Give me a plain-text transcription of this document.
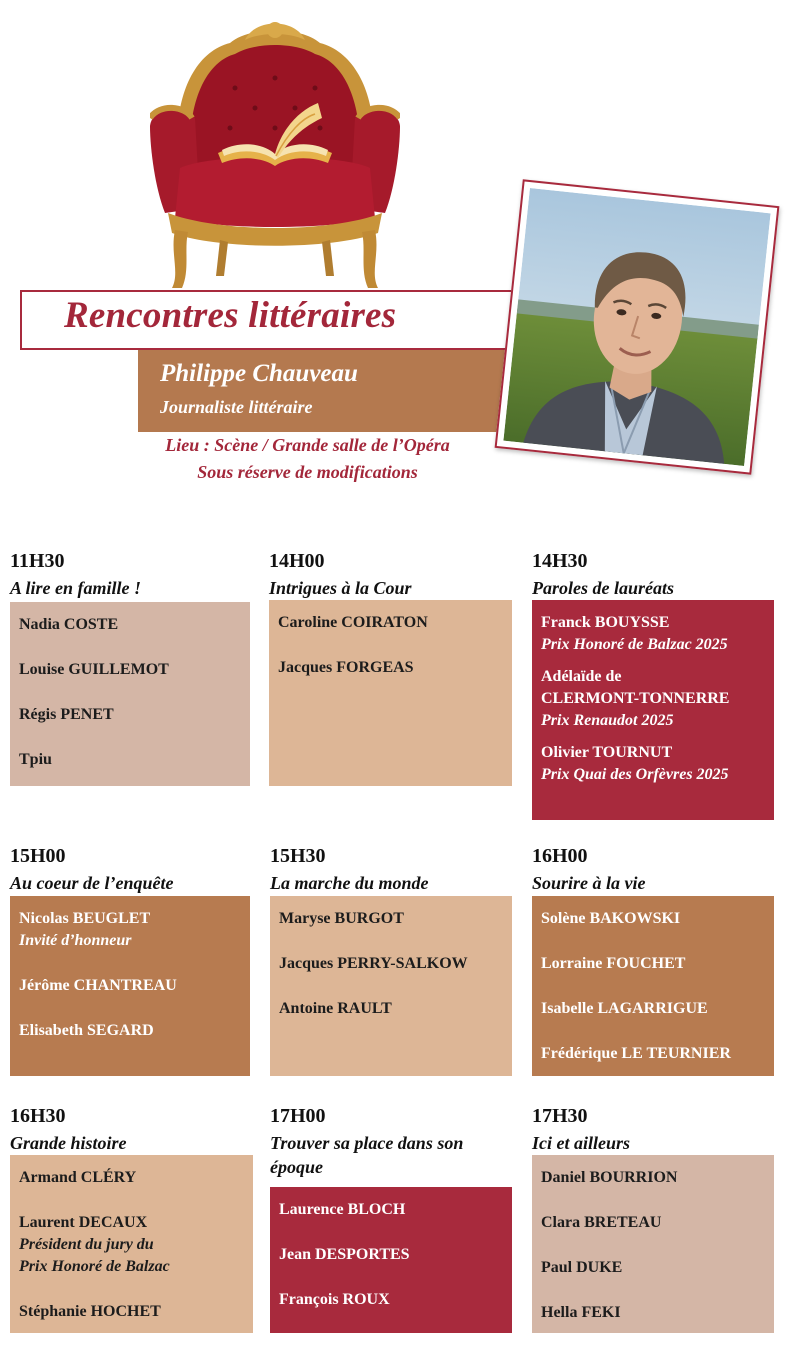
Rencontres littéraires
Philippe Chauveau
Journaliste littéraire
Lieu : Scène / Grande salle de l’Opéra
Sous réserve de modifications
11H30
A lire en famille !
Nadia COSTE
Louise GUILLEMOT
Régis PENET
Tpiu
14H00
Intrigues à la Cour
Caroline COIRATON
Jacques FORGEAS
14H30
Paroles de lauréats
Franck BOUYSSE
Prix Honoré de Balzac 2025
Adélaïde de
CLERMONT-TONNERRE
Prix Renaudot 2025
Olivier TOURNUT
Prix Quai des Orfèvres 2025
15H00
Au coeur de l’enquête
Nicolas BEUGLET
Invité d’honneur
Jérôme CHANTREAU
Elisabeth SEGARD
15H30
La marche du monde
Maryse BURGOT
Jacques PERRY-SALKOW
Antoine RAULT
16H00
Sourire à la vie
Solène BAKOWSKI
Lorraine FOUCHET
Isabelle LAGARRIGUE
Frédérique LE TEURNIER
16H30
Grande histoire
Armand CLÉRY
Laurent DECAUX
Président du jury du
Prix Honoré de Balzac
Stéphanie HOCHET
17H00
Trouver sa place dans son époque
Laurence BLOCH
Jean DESPORTES
François ROUX
17H30
Ici et ailleurs
Daniel BOURRION
Clara BRETEAU
Paul DUKE
Hella FEKI
